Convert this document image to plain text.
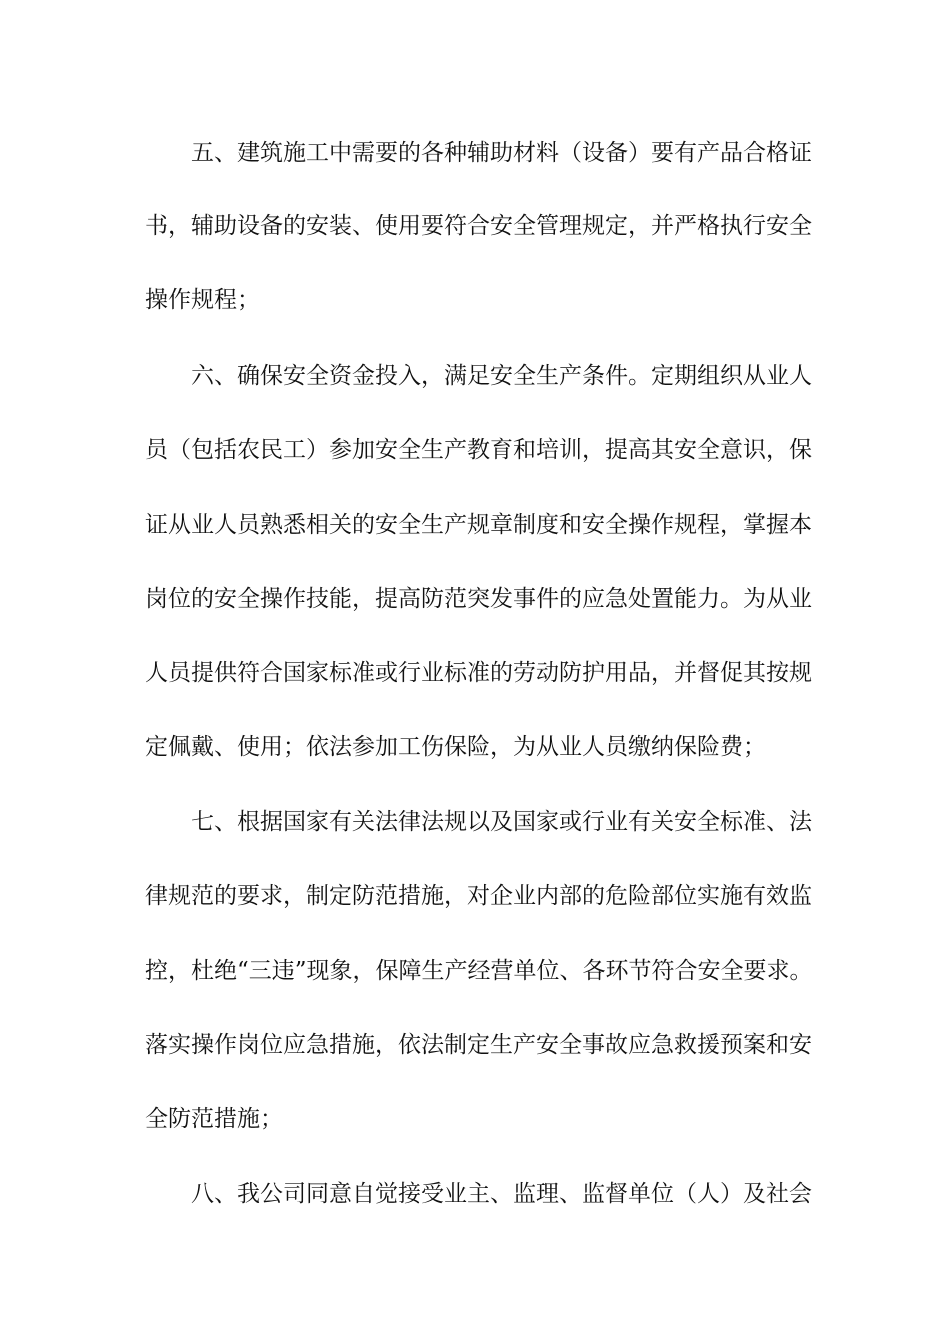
五、建筑施工中需要的各种辅助材料（设备）要有产品合格证
书，辅助设备的安装、使用要符合安全管理规定，并严格执行安全
操作规程；
六、确保安全资金投入，满足安全生产条件。定期组织从业人
员（包括农民工）参加安全生产教育和培训，提高其安全意识，保
证从业人员熟悉相关的安全生产规章制度和安全操作规程，掌握本
岗位的安全操作技能，提高防范突发事件的应急处置能力。为从业
人员提供符合国家标准或行业标准的劳动防护用品，并督促其按规
定佩戴、使用；依法参加工伤保险，为从业人员缴纳保险费；
七、根据国家有关法律法规以及国家或行业有关安全标准、法
律规范的要求，制定防范措施，对企业内部的危险部位实施有效监
控，杜绝“三违”现象，保障生产经营单位、各环节符合安全要求。
落实操作岗位应急措施，依法制定生产安全事故应急救援预案和安
全防范措施；
八、我公司同意自觉接受业主、监理、监督单位（人）及社会
